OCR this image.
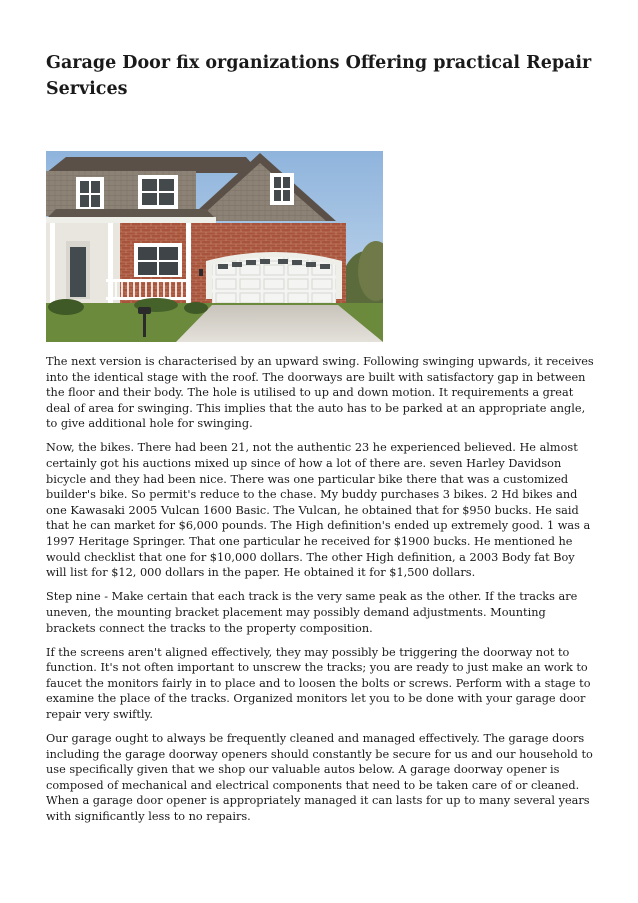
Garage Door fix organizations Offering practical Repair Services

The next version is characterised by an upward swing. Following swinging upwards, it receives into the identical stage with the roof. The doorways are built with satisfactory gap in between the floor and their body. The hole is utilised to up and down motion. It requirements a great deal of area for swinging. This implies that the auto has to be parked at an appropriate angle, to give additional hole for swinging.

Now, the bikes. There had been 21, not the authentic 23 he experienced believed. He almost certainly got his auctions mixed up since of how a lot of there are. seven Harley Davidson bicycle and they had been nice. There was one particular bike there that was a customized builder's bike. So permit's reduce to the chase. My buddy purchases 3 bikes. 2 Hd bikes and one Kawasaki 2005 Vulcan 1600 Basic. The Vulcan, he obtained that for $950 bucks. He said that he can market for $6,000 pounds. The High definition's ended up extremely good. 1 was a 1997 Heritage Springer. That one particular he received for $1900 bucks. He mentioned he would checklist that one for $10,000 dollars. The other High definition, a 2003 Body fat Boy will list for $12, 000 dollars in the paper. He obtained it for $1,500 dollars.

Step nine - Make certain that each track is the very same peak as the other. If the tracks are uneven, the mounting bracket placement may possibly demand adjustments. Mounting brackets connect the tracks to the property composition.

If the screens aren't aligned effectively, they may possibly be triggering the doorway not to function. It's not often important to unscrew the tracks; you are ready to just make an work to faucet the monitors fairly in to place and to loosen the bolts or screws. Perform with a stage to examine the place of the tracks. Organized monitors let you to be done with your garage door repair very swiftly.

Our garage ought to always be frequently cleaned and managed effectively. The garage doors including the garage doorway openers should constantly be secure for us and our household to use specifically given that we shop our valuable autos below. A garage doorway opener is composed of mechanical and electrical components that need to be taken care of or cleaned. When a garage door opener is appropriately managed it can lasts for up to many several years with significantly less to no repairs.
